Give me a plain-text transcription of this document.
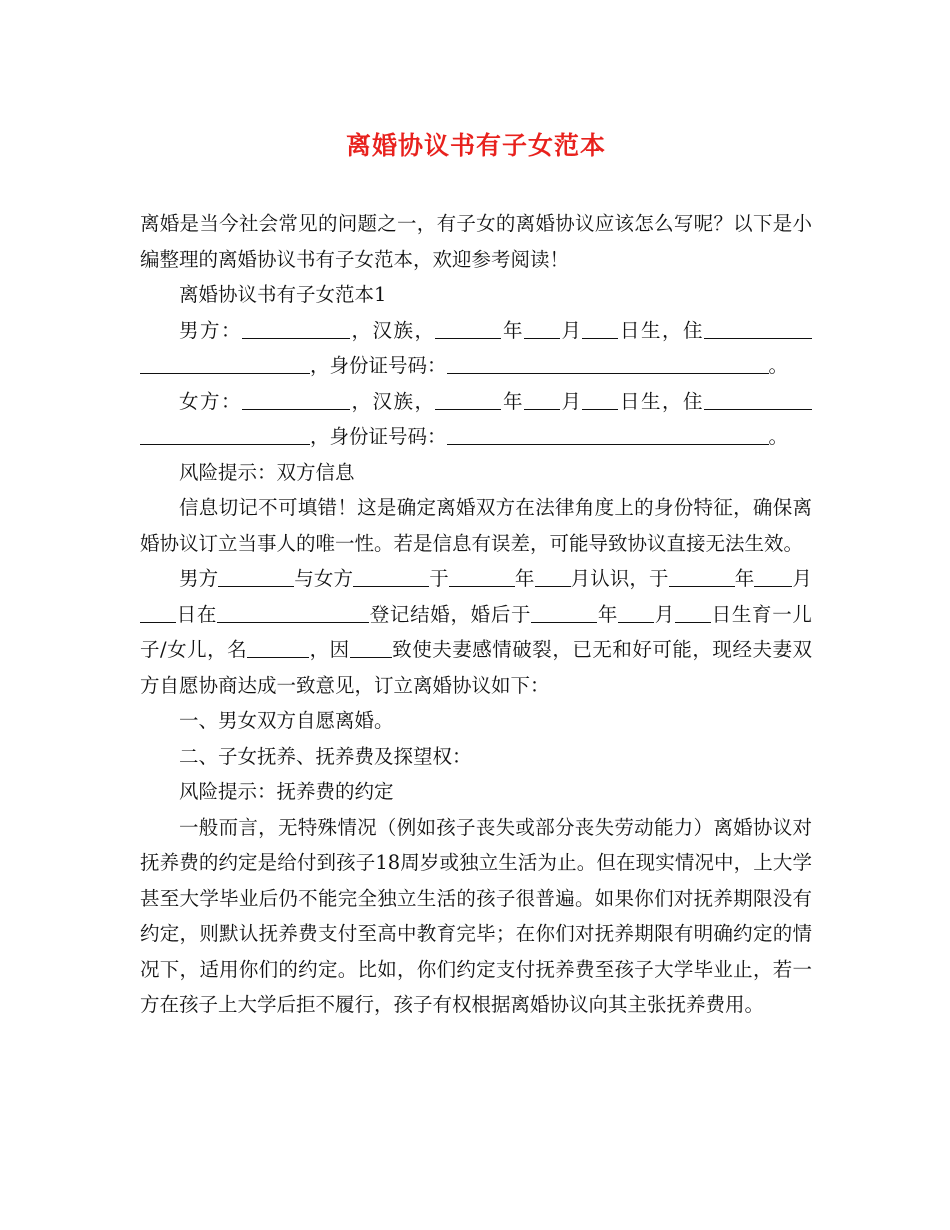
离婚协议书有子女范本

离婚是当今社会常见的问题之一，有子女的离婚协议应该怎么写呢？以下是小编整理的离婚协议书有子女范本，欢迎参考阅读！

离婚协议书有子女范本1

男方：	，汉族，	年 月 日生，住，身份证号码：	。

女方：	，汉族，	年 月 日生，住，身份证号码：	。

风险提示：双方信息

信息切记不可填错！这是确定离婚双方在法律角度上的身份特征，确保离婚协议订立当事人的唯一性。若是信息有误差，可能导致协议直接无法生效。

男方	与女方	于	年 月认识，于	年 月日在	登记结婚，婚后于	年 月 日生育一儿子/女儿，名	，因 致使夫妻感情破裂，已无和好可能，现经夫妻双方自愿协商达成一致意见，订立离婚协议如下：

一、男女双方自愿离婚。

二、子女抚养、抚养费及探望权：

风险提示：抚养费的约定

一般而言，无特殊情况（例如孩子丧失或部分丧失劳动能力）离婚协议对抚养费的约定是给付到孩子18周岁或独立生活为止。但在现实情况中，上大学甚至大学毕业后仍不能完全独立生活的孩子很普遍。如果你们对抚养期限没有约定，则默认抚养费支付至高中教育完毕；在你们对抚养期限有明确约定的情况下，适用你们的约定。比如，你们约定支付抚养费至孩子大学毕业止，若一方在孩子上大学后拒不履行，孩子有权根据离婚协议向其主张抚养费用。
